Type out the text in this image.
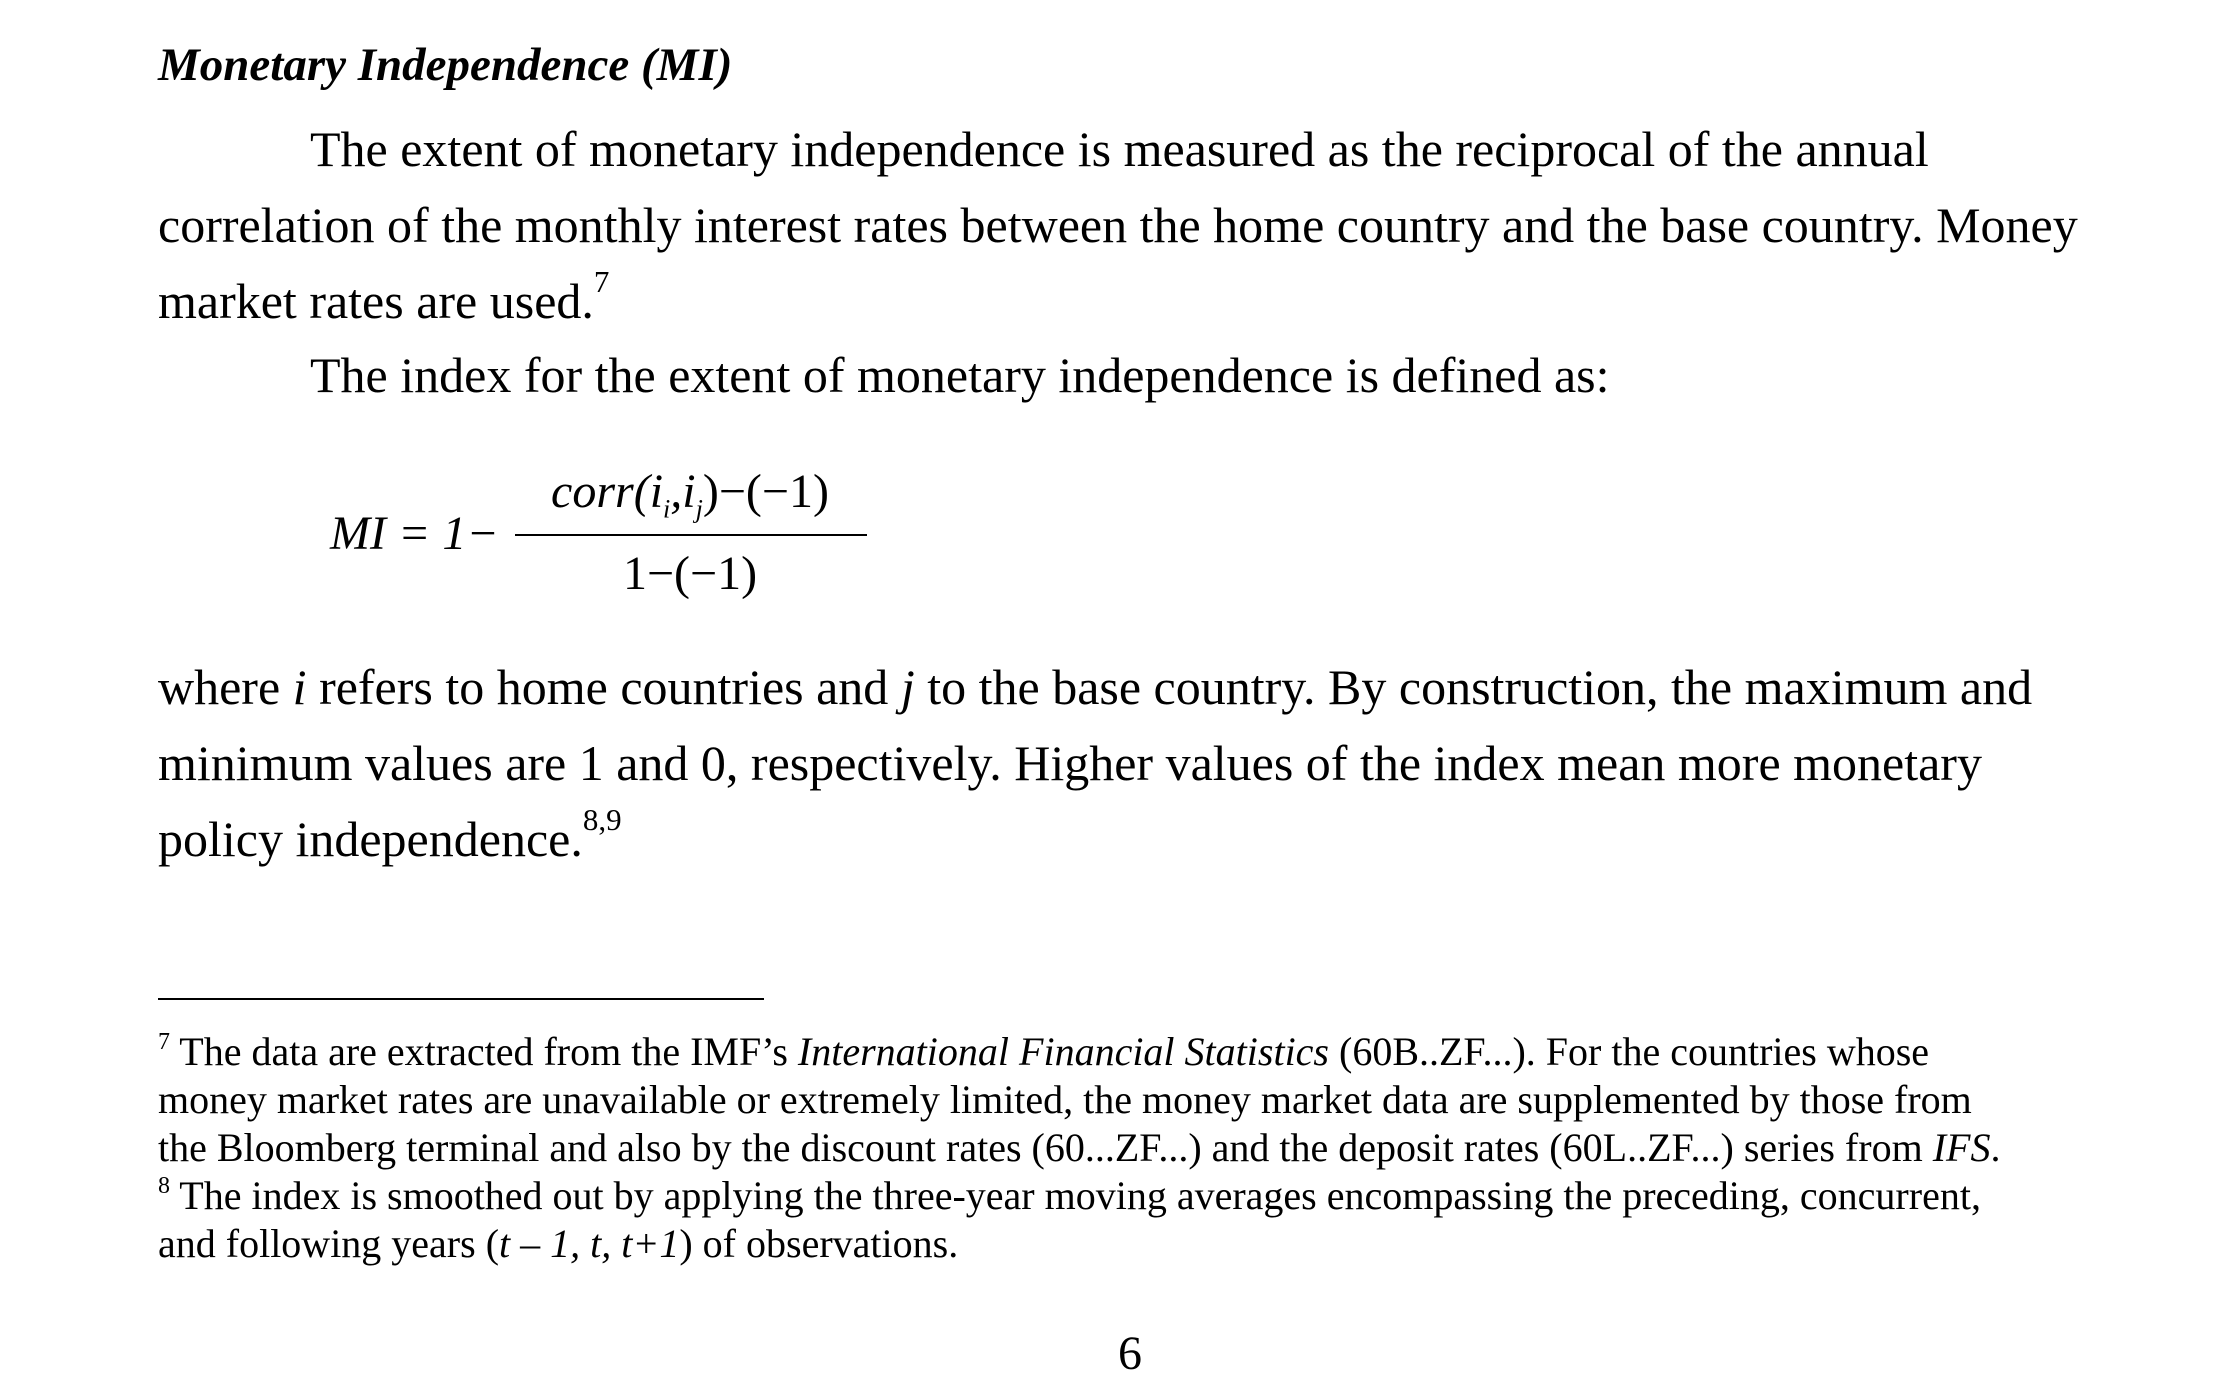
Monetary Independence (MI)
The extent of monetary independence is measured as the reciprocal of the annual
correlation of the monthly interest rates between the home country and the base country. Money
market rates are used.$^7$
The index for the extent of monetary independence is defined as:
MI = 1−
$corr(i_i,i_j)-(-1)$
1−(−1)
where i refers to home countries and j to the base country. By construction, the maximum and
minimum values are 1 and 0, respectively. Higher values of the index mean more monetary
policy independence.$^{8,9}$
$^7$ The data are extracted from the IMF’s International Financial Statistics (60B..ZF...). For the countries whose
money market rates are unavailable or extremely limited, the money market data are supplemented by those from
the Bloomberg terminal and also by the discount rates (60...ZF...) and the deposit rates (60L..ZF...) series from IFS.
$^8$ The index is smoothed out by applying the three-year moving averages encompassing the preceding, concurrent,
and following years (t – 1, t, t+1) of observations.
6
